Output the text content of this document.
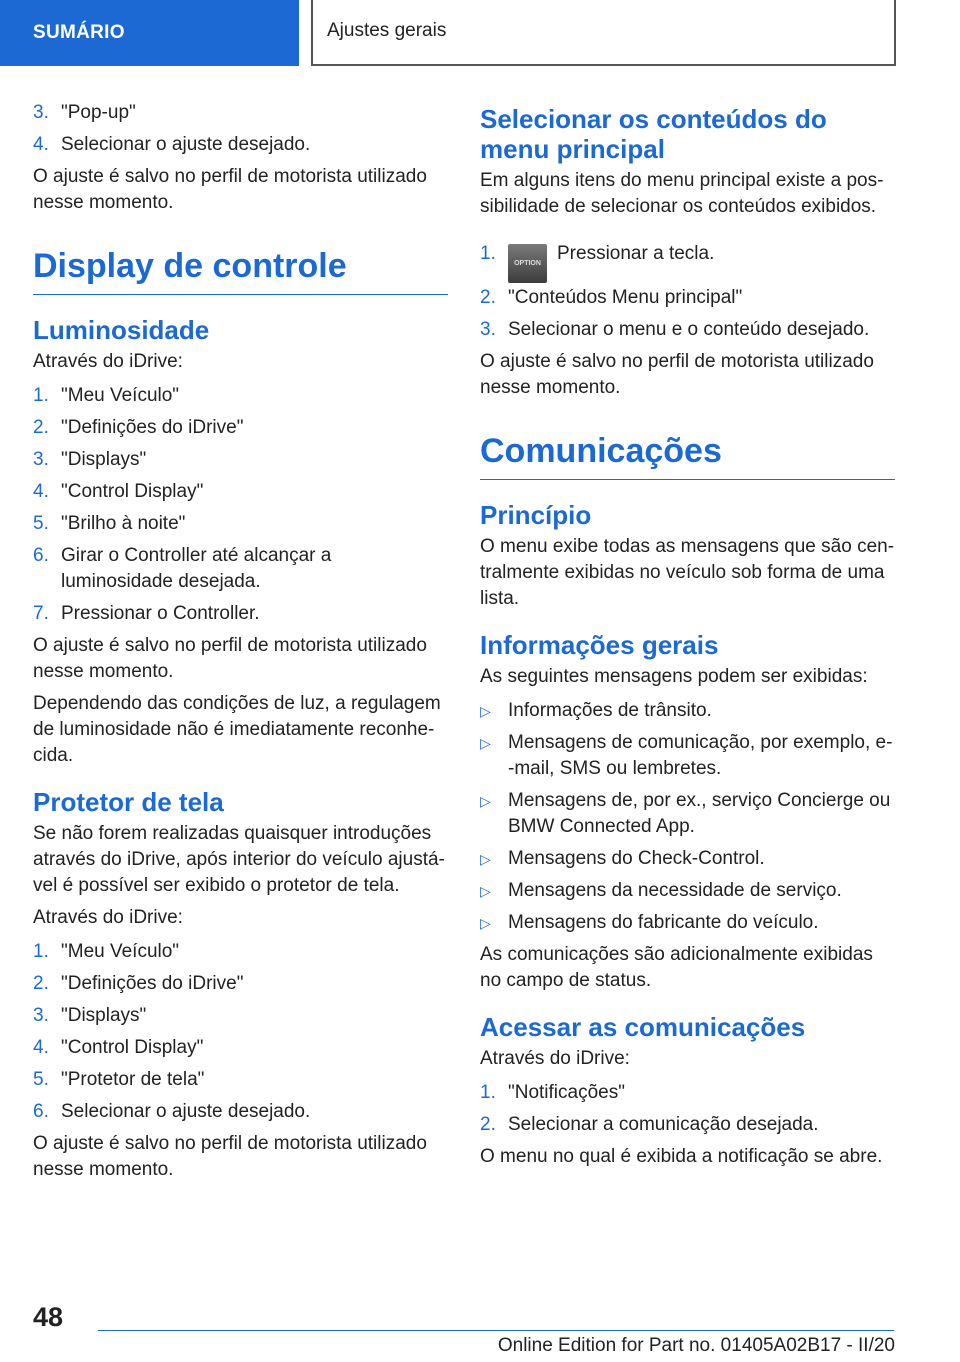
SUMÁRIO	Ajustes gerais
3. "Pop-up"
4. Selecionar o ajuste desejado.

O ajuste é salvo no perfil de motorista utilizado nesse momento.

Display de controle
Luminosidade

Através do iDrive:

1. "Meu Veículo"
2. "Definições do iDrive"
3. "Displays"
4. "Control Display"
5. "Brilho à noite"
6. Girar o Controller até alcançar a luminosidade desejada.
7. Pressionar o Controller.

O ajuste é salvo no perfil de motorista utilizado nesse momento.

Dependendo das condições de luz, a regulagem de luminosidade não é imediatamente reconhe-cida.

Protetor de tela

Se não forem realizadas quaisquer introduções através do iDrive, após interior do veículo ajustá-vel é possível ser exibido o protetor de tela.

Através do iDrive:

1. "Meu Veículo"
2. "Definições do iDrive"
3. "Displays"
4. "Control Display"
5. "Protetor de tela"
6. Selecionar o ajuste desejado.

O ajuste é salvo no perfil de motorista utilizado nesse momento.

Selecionar os conteúdos do menu principal

Em alguns itens do menu principal existe a pos-sibilidade de selecionar os conteúdos exibidos.

1.	OPTION Pressionar a tecla.
2. "Conteúdos Menu principal"
3. Selecionar o menu e o conteúdo desejado.

O ajuste é salvo no perfil de motorista utilizado nesse momento.

Comunicações
Princípio

O menu exibe todas as mensagens que são cen-tralmente exibidas no veículo sob forma de uma lista.

Informações gerais

As seguintes mensagens podem ser exibidas:

▷ Informações de trânsito.
▷ Mensagens de comunicação, por exemplo, e--mail, SMS ou lembretes.
▷ Mensagens de, por ex., serviço Concierge ou BMW Connected App.
▷ Mensagens do Check-Control.
▷ Mensagens da necessidade de serviço.
▷ Mensagens do fabricante do veículo.

As comunicações são adicionalmente exibidas no campo de status.

Acessar as comunicações

Através do iDrive:

1. "Notificações"
2. Selecionar a comunicação desejada.

O menu no qual é exibida a notificação se abre.

48
Online Edition for Part no. 01405A02B17 - II/20
